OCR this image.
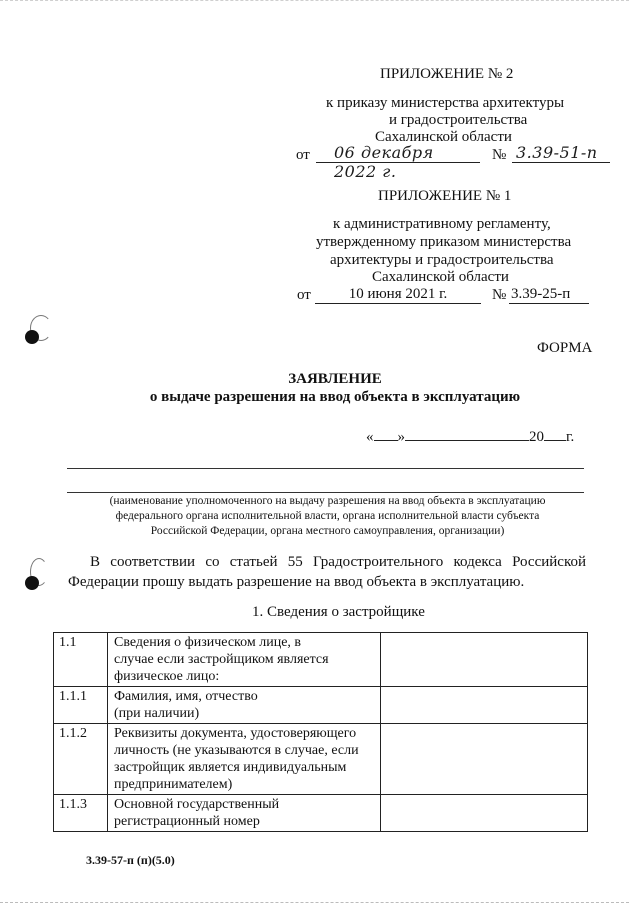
ПРИЛОЖЕНИЕ № 2
к приказу министерства архитектуры
и градостроительства
Сахалинской области
от 06 декабря 2022 г.
№ 3.39-51-п
ПРИЛОЖЕНИЕ № 1
к административному регламенту,
утвержденному приказом министерства
архитектуры и градостроительства
Сахалинской области
от	10 июня 2021 г.	№ 3.39-25-п
ФОРМА
ЗАЯВЛЕНИЕ
о выдаче разрешения на ввод объекта в эксплуатацию
« »	20 г.
(наименование уполномоченного на выдачу разрешения на ввод объекта в эксплуатацию
федерального органа исполнительной власти, органа исполнительной власти субъекта
Российской Федерации, органа местного самоуправления, организации)
В соответствии со статьей 55 Градостроительного кодекса Российской
Федерации прошу выдать разрешение на ввод объекта в эксплуатацию.
1. Сведения о застройщике
1.1	Сведения о физическом лице, в
случае если застройщиком является
физическое лицо:	

1.1.1	Фамилия, имя, отчество
(при наличии)	

1.1.2	Реквизиты документа, удостоверяющего
личность (не указываются в случае, если
застройщик является индивидуальным
предпринимателем)	

1.1.3	Основной государственный
регистрационный номер	

3.39-57-п (п)(5.0)
